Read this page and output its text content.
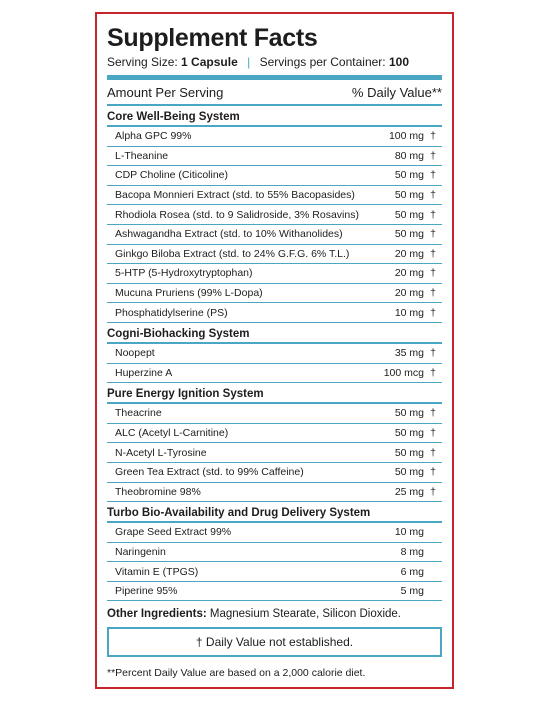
Supplement Facts
Serving Size: 1 Capsule | Servings per Container: 100
Amount Per Serving	% Daily Value**
Core Well-Being System
Alpha GPC 99%	100 mg †
L-Theanine	80 mg †
CDP Choline (Citicoline)	50 mg †
Bacopa Monnieri Extract (std. to 55% Bacopasides)	50 mg †
Rhodiola Rosea (std. to 9 Salidroside, 3% Rosavins)	50 mg †
Ashwagandha Extract (std. to 10% Withanolides)	50 mg †
Ginkgo Biloba Extract (std. to 24% G.F.G. 6% T.L.)	20 mg †
5-HTP (5-Hydroxytryptophan)	20 mg †
Mucuna Pruriens (99% L-Dopa)	20 mg †
Phosphatidylserine (PS)	10 mg †
Cogni-Biohacking System
Noopept	35 mg †
Huperzine A	100 mcg †
Pure Energy Ignition System
Theacrine	50 mg †
ALC (Acetyl L-Carnitine)	50 mg †
N-Acetyl L-Tyrosine	50 mg †
Green Tea Extract (std. to 99% Caffeine)	50 mg †
Theobromine 98%	25 mg †
Turbo Bio-Availability and Drug Delivery System
Grape Seed Extract 99%	10 mg
Naringenin	8 mg
Vitamin E (TPGS)	6 mg
Piperine 95%	5 mg
Other Ingredients: Magnesium Stearate, Silicon Dioxide.
† Daily Value not established.
**Percent Daily Value are based on a 2,000 calorie diet.
